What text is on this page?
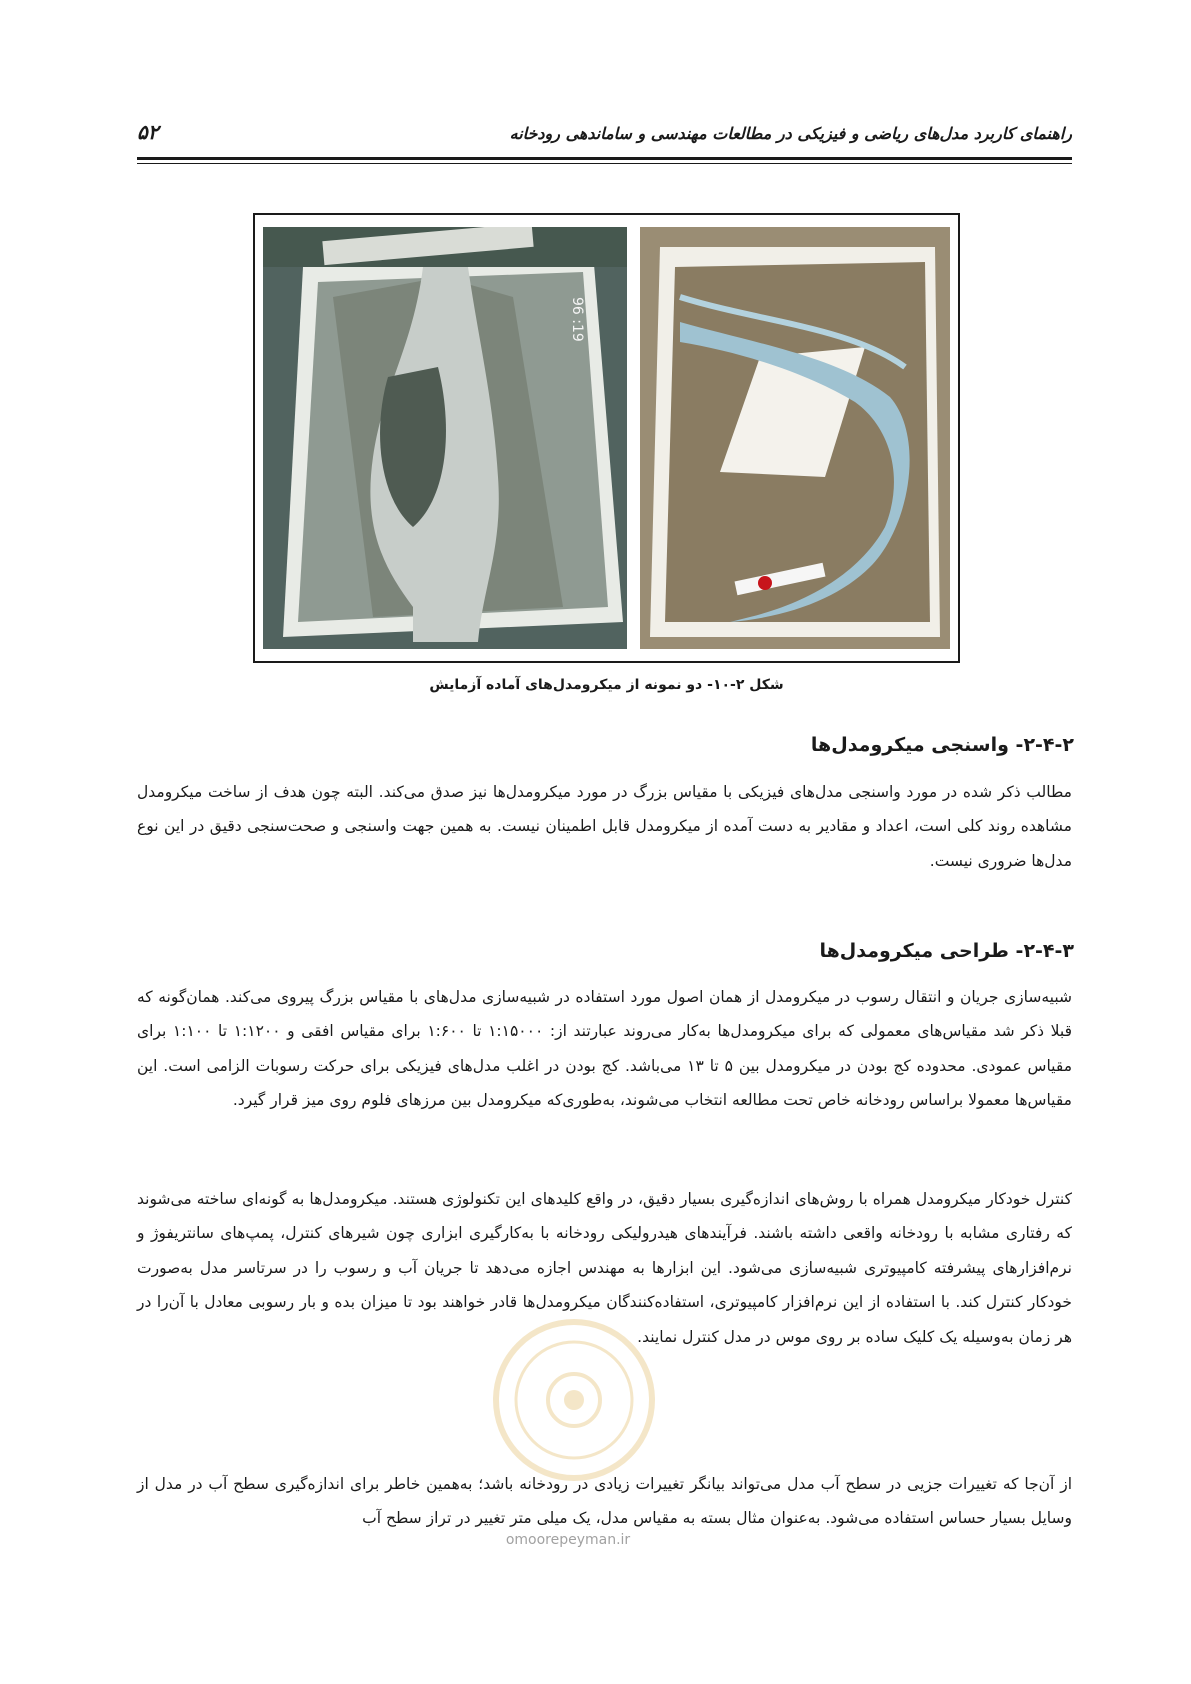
راهنمای کاربرد مدل‌های ریاضی و فیزیکی در مطالعات مهندسی و ساماندهی رودخانه
۵۲
96 :19
شکل ۲-۱۰- دو نمونه از میکرومدل‌های آماده آزمایش
۲-۴-۲- واسنجی میکرومدل‌ها

مطالب ذکر شده در مورد واسنجی مدل‌های فیزیکی با مقیاس بزرگ در مورد میکرومدل‌ها نیز صدق می‌کند. البته چون هدف از ساخت میکرومدل مشاهده روند کلی است، اعداد و مقادیر به دست آمده از میکرومدل قابل اطمینان نیست. به همین جهت واسنجی و صحت‌سنجی دقیق در این نوع مدل‌ها ضروری نیست.

۲-۴-۳- طراحی میکرومدل‌ها

شبیه‌سازی جریان و انتقال رسوب در میکرومدل از همان اصول مورد استفاده در شبیه‌سازی مدل‌های با مقیاس بزرگ پیروی می‌کند. همان‌گونه که قبلا ذکر شد مقیاس‌های معمولی که برای میکرومدل‌ها به‌کار می‌روند عبارتند از: ۱:۱۵۰۰۰ تا ۱:۶۰۰ برای مقیاس افقی و ۱:۱۲۰۰ تا ۱:۱۰۰ برای مقیاس عمودی. محدوده کج بودن در میکرومدل بین ۵ تا ۱۳ می‌باشد. کج بودن در اغلب مدل‌های فیزیکی برای حرکت رسوبات الزامی است. این مقیاس‌ها معمولا براساس رودخانه خاص تحت مطالعه انتخاب می‌شوند، به‌طوری‌که میکرومدل بین مرزهای فلوم روی میز قرار گیرد.

کنترل خودکار میکرومدل همراه با روش‌های اندازه‌گیری بسیار دقیق، در واقع کلیدهای این تکنولوژی هستند. میکرومدل‌ها به گونه‌ای ساخته می‌شوند که رفتاری مشابه با رودخانه واقعی داشته باشند. فرآیندهای هیدرولیکی رودخانه با به‌کارگیری ابزاری چون شیرهای کنترل، پمپ‌های سانتریفوژ و نرم‌افزارهای پیشرفته کامپیوتری شبیه‌سازی می‌شود. این ابزارها به مهندس اجازه می‌دهد تا جریان آب و رسوب را در سرتاسر مدل به‌صورت خودکار کنترل کند. با استفاده از این نرم‌افزار کامپیوتری، استفاده‌کنندگان میکرومدل‌ها قادر خواهند بود تا میزان بده و بار رسوبی معادل با آن‌را در هر زمان به‌وسیله یک کلیک ساده بر روی موس در مدل کنترل نمایند.

از آن‌جا که تغییرات جزیی در سطح آب مدل می‌تواند بیانگر تغییرات زیادی در رودخانه باشد؛ به‌همین خاطر برای اندازه‌گیری سطح آب در مدل از وسایل بسیار حساس استفاده می‌شود. به‌عنوان مثال بسته به مقیاس مدل، یک میلی متر تغییر در تراز سطح آب

omoorepeyman.ir
